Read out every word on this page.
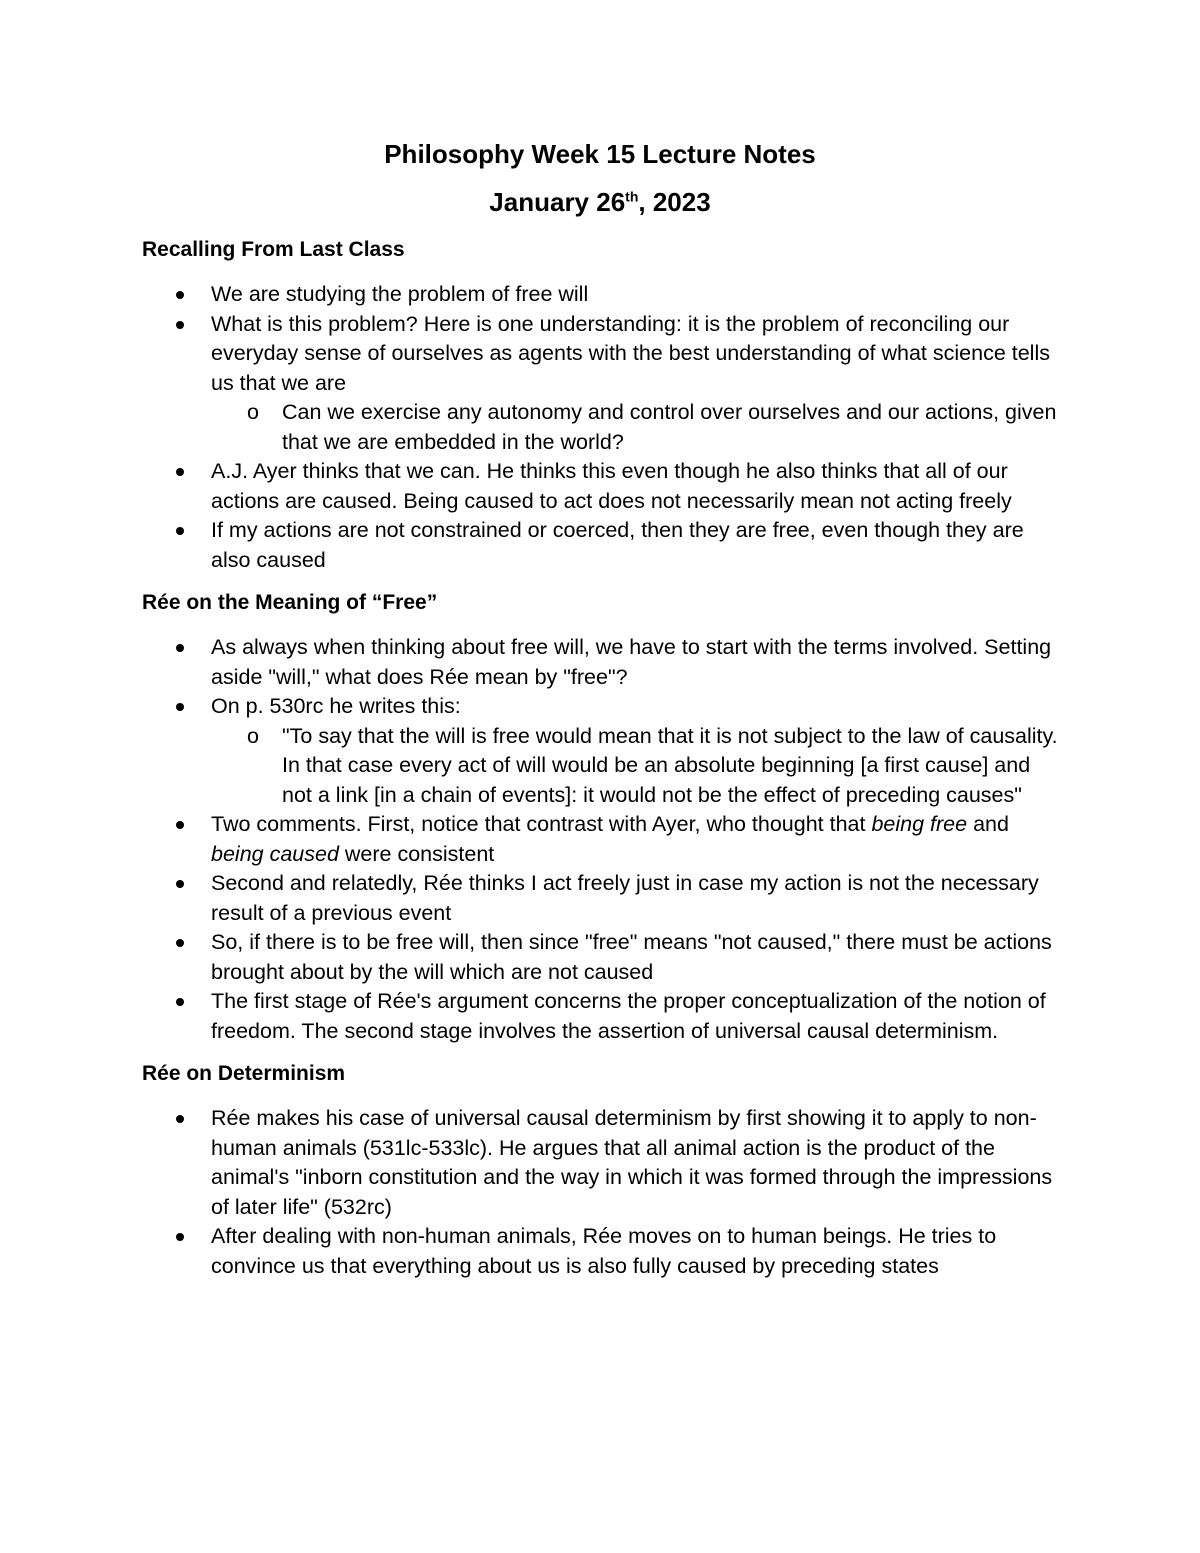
Philosophy Week 15 Lecture Notes
January 26th, 2023
Recalling From Last Class
We are studying the problem of free will
What is this problem? Here is one understanding: it is the problem of reconciling our everyday sense of ourselves as agents with the best understanding of what science tells us that we are
o Can we exercise any autonomy and control over ourselves and our actions, given that we are embedded in the world?
A.J. Ayer thinks that we can. He thinks this even though he also thinks that all of our actions are caused. Being caused to act does not necessarily mean not acting freely
If my actions are not constrained or coerced, then they are free, even though they are also caused
Rée on the Meaning of “Free”
As always when thinking about free will, we have to start with the terms involved. Setting aside "will," what does Rée mean by "free"?
On p. 530rc he writes this:
o "To say that the will is free would mean that it is not subject to the law of causality. In that case every act of will would be an absolute beginning [a first cause] and not a link [in a chain of events]: it would not be the effect of preceding causes"
Two comments. First, notice that contrast with Ayer, who thought that being free and being caused were consistent
Second and relatedly, Rée thinks I act freely just in case my action is not the necessary result of a previous event
So, if there is to be free will, then since "free" means "not caused," there must be actions brought about by the will which are not caused
The first stage of Rée's argument concerns the proper conceptualization of the notion of freedom. The second stage involves the assertion of universal causal determinism.
Rée on Determinism
Rée makes his case of universal causal determinism by first showing it to apply to non-human animals (531lc-533lc). He argues that all animal action is the product of the animal's "inborn constitution and the way in which it was formed through the impressions of later life" (532rc)
After dealing with non-human animals, Rée moves on to human beings. He tries to convince us that everything about us is also fully caused by preceding states
